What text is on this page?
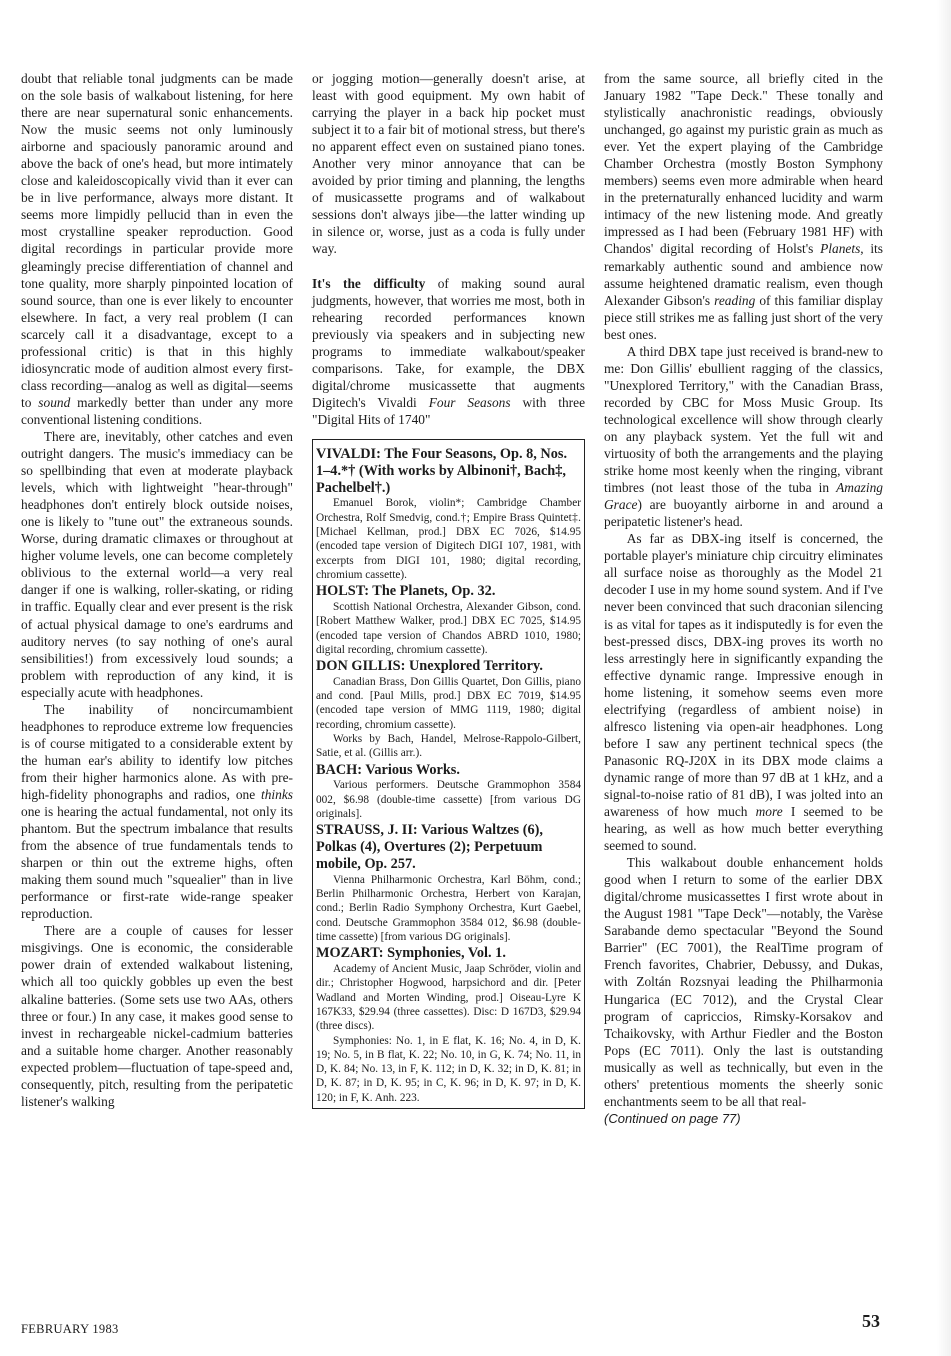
doubt that reliable tonal judgments can be made on the sole basis of walkabout listening, for here there are near supernatural sonic enhancements. Now the music seems not only luminously airborne and spaciously panoramic around and above the back of one's head, but more intimately close and kaleidoscopically vivid than it ever can be in live performance, always more distant. It seems more limpidly pellucid than in even the most crystalline speaker reproduction. Good digital recordings in particular provide more gleamingly precise differentiation of channel and tone quality, more sharply pinpointed location of sound source, than one is ever likely to encounter elsewhere. In fact, a very real problem (I can scarcely call it a disadvantage, except to a professional critic) is that in this highly idiosyncratic mode of audition almost every first-class recording—analog as well as digital—seems to sound markedly better than under any more conventional listening conditions.

There are, inevitably, other catches and even outright dangers. The music's immediacy can be so spellbinding that even at moderate playback levels, which with lightweight "hear-through" headphones don't entirely block outside noises, one is likely to "tune out" the extraneous sounds. Worse, during dramatic climaxes or throughout at higher volume levels, one can become completely oblivious to the external world—a very real danger if one is walking, roller-skating, or riding in traffic. Equally clear and ever present is the risk of actual physical damage to one's eardrums and auditory nerves (to say nothing of one's aural sensibilities!) from excessively loud sounds; a problem with reproduction of any kind, it is especially acute with headphones.

The inability of noncircumambient headphones to reproduce extreme low frequencies is of course mitigated to a considerable extent by the human ear's ability to identify low pitches from their higher harmonics alone. As with pre-high-fidelity phonographs and radios, one thinks one is hearing the actual fundamental, not only its phantom. But the spectrum imbalance that results from the absence of true fundamentals tends to sharpen or thin out the extreme highs, often making them sound much "squealier" than in live performance or first-rate wide-range speaker reproduction.

There are a couple of causes for lesser misgivings. One is economic, the considerable power drain of extended walkabout listening, which all too quickly gobbles up even the best alkaline batteries. (Some sets use two AAs, others three or four.) In any case, it makes good sense to invest in rechargeable nickel-cadmium batteries and a suitable home charger. Another reasonably expected problem—fluctuation of tape-speed and, consequently, pitch, resulting from the peripatetic listener's walking

or jogging motion—generally doesn't arise, at least with good equipment. My own habit of carrying the player in a back hip pocket must subject it to a fair bit of motional stress, but there's no apparent effect even on sustained piano tones. Another very minor annoyance that can be avoided by prior timing and planning, the lengths of musicassette programs and of walkabout sessions don't always jibe—the latter winding up in silence or, worse, just as a coda is fully under way.

It's the difficulty of making sound aural judgments, however, that worries me most, both in rehearing recorded performances known previously via speakers and in subjecting new programs to immediate walkabout/speaker comparisons. Take, for example, the DBX digital/chrome musicassette that augments Digitech's Vivaldi Four Seasons with three "Digital Hits of 1740"

VIVALDI: The Four Seasons, Op. 8, Nos. 1–4.*† (With works by Albinoni†, Bach‡, Pachelbel†.)

Emanuel Borok, violin*; Cambridge Chamber Orchestra, Rolf Smedvig, cond.†; Empire Brass Quintet‡. [Michael Kellman, prod.] DBX EC 7026, $14.95 (encoded tape version of Digitech DIGI 107, 1981, with excerpts from DIGI 101, 1980; digital recording, chromium cassette).

HOLST: The Planets, Op. 32.

Scottish National Orchestra, Alexander Gibson, cond. [Robert Matthew Walker, prod.] DBX EC 7025, $14.95 (encoded tape version of Chandos ABRD 1010, 1980; digital recording, chromium cassette).

DON GILLIS: Unexplored Territory.

Canadian Brass, Don Gillis Quartet, Don Gillis, piano and cond. [Paul Mills, prod.] DBX EC 7019, $14.95 (encoded tape version of MMG 1119, 1980; digital recording, chromium cassette).

Works by Bach, Handel, Melrose-Rappolo-Gilbert, Satie, et al. (Gillis arr.).

BACH: Various Works.

Various performers. Deutsche Grammophon 3584 002, $6.98 (double-time cassette) [from various DG originals].

STRAUSS, J. II: Various Waltzes (6), Polkas (4), Overtures (2); Perpetuum mobile, Op. 257.

Vienna Philharmonic Orchestra, Karl Böhm, cond.; Berlin Philharmonic Orchestra, Herbert von Karajan, cond.; Berlin Radio Symphony Orchestra, Kurt Gaebel, cond. Deutsche Grammophon 3584 012, $6.98 (double-time cassette) [from various DG originals].

MOZART: Symphonies, Vol. 1.

Academy of Ancient Music, Jaap Schröder, violin and dir.; Christopher Hogwood, harpsichord and dir. [Peter Wadland and Morten Winding, prod.] Oiseau-Lyre K 167K33, $29.94 (three cassettes). Disc: D 167D3, $29.94 (three discs).

Symphonies: No. 1, in E flat, K. 16; No. 4, in D, K. 19; No. 5, in B flat, K. 22; No. 10, in G, K. 74; No. 11, in D, K. 84; No. 13, in F, K. 112; in D, K. 32; in D, K. 81; in D, K. 87; in D, K. 95; in C, K. 96; in D, K. 97; in D, K. 120; in F, K. Anh. 223.

from the same source, all briefly cited in the January 1982 "Tape Deck." These tonally and stylistically anachronistic readings, obviously unchanged, go against my puristic grain as much as ever. Yet the expert playing of the Cambridge Chamber Orchestra (mostly Boston Symphony members) seems even more admirable when heard in the preternaturally enhanced lucidity and warm intimacy of the new listening mode. And greatly impressed as I had been (February 1981 HF) with Chandos' digital recording of Holst's Planets, its remarkably authentic sound and ambience now assume heightened dramatic realism, even though Alexander Gibson's reading of this familiar display piece still strikes me as falling just short of the very best ones.

A third DBX tape just received is brand-new to me: Don Gillis' ebullient ragging of the classics, "Unexplored Territory," with the Canadian Brass, recorded by CBC for Moss Music Group. Its technological excellence will show through clearly on any playback system. Yet the full wit and virtuosity of both the arrangements and the playing strike home most keenly when the ringing, vibrant timbres (not least those of the tuba in Amazing Grace) are buoyantly airborne in and around a peripatetic listener's head.

As far as DBX-ing itself is concerned, the portable player's miniature chip circuitry eliminates all surface noise as thoroughly as the Model 21 decoder I use in my home sound system. And if I've never been convinced that such draconian silencing is as vital for tapes as it indisputedly is for even the best-pressed discs, DBX-ing proves its worth no less arrestingly here in significantly expanding the effective dynamic range. Impressive enough in home listening, it somehow seems even more electrifying (regardless of ambient noise) in alfresco listening via open-air headphones. Long before I saw any pertinent technical specs (the Panasonic RQ-J20X in its DBX mode claims a dynamic range of more than 97 dB at 1 kHz, and a signal-to-noise ratio of 81 dB), I was jolted into an awareness of how much more I seemed to be hearing, as well as how much better everything seemed to sound.

This walkabout double enhancement holds good when I return to some of the earlier DBX digital/chrome musicassettes I first wrote about in the August 1981 "Tape Deck"—notably, the Varèse Sarabande demo spectacular "Beyond the Sound Barrier" (EC 7001), the RealTime program of French favorites, Chabrier, Debussy, and Dukas, with Zoltán Rozsnyai leading the Philharmonia Hungarica (EC 7012), and the Crystal Clear program of capriccios, Rimsky-Korsakov and Tchaikovsky, with Arthur Fiedler and the Boston Pops (EC 7011). Only the last is outstanding musically as well as technically, but even in the others' pretentious moments the sheerly sonic enchantments seem to be all that real-

(Continued on page 77)

FEBRUARY 1983	53
